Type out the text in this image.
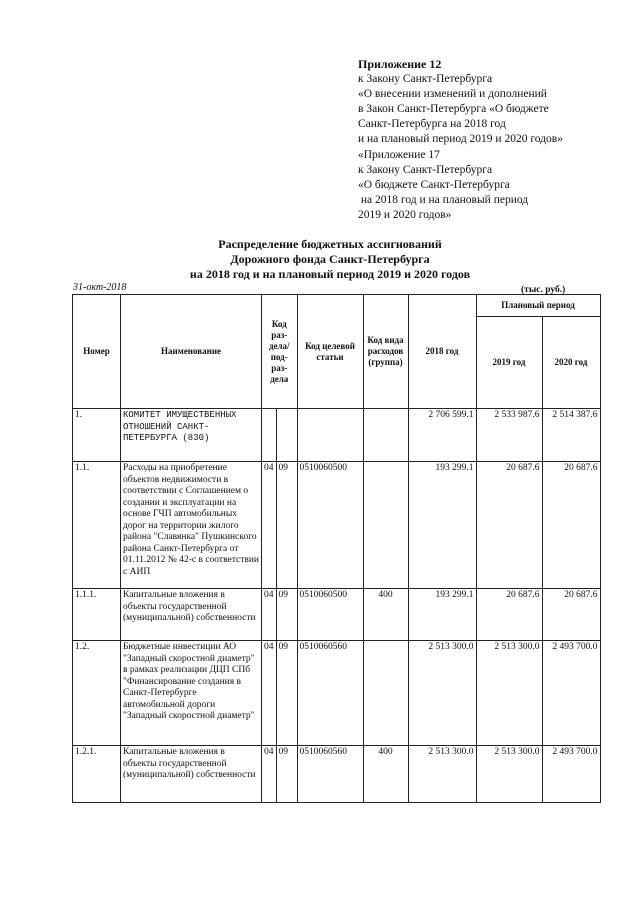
Приложение 12
к Закону Санкт-Петербурга
«О внесении изменений и дополнений
в Закон Санкт-Петербурга «О бюджете
Санкт-Петербурга на 2018 год
и на плановый период 2019 и 2020 годов»
«Приложение 17
к Закону Санкт-Петербурга
«О бюджете Санкт-Петербурга
на 2018 год и на плановый период
2019 и 2020 годов»
Распределение бюджетных ассигнований
Дорожного фонда Санкт-Петербурга
на 2018 год и на плановый период 2019 и 2020 годов
31-окт-2018	(тыс. руб.)
Номер	Наименование	Код раз-дела/ под-раз-дела		Код целевой статьи	Код вида расходов (группа)	2018 год	Плановый период	
							2019 год	2020 год
1.	КОМИТЕТ ИМУЩЕСТВЕННЫХ ОТНОШЕНИЙ САНКТ-ПЕТЕРБУРГА (830)					2 706 599.1	2 533 987.6	2 514 387.6
1.1.	Расходы на приобретение объектов недвижимости в соответствии с Соглашением о создании и эксплуатации на основе ГЧП автомобильных дорог на территории жилого района "Славянка" Пушкинского района Санкт-Петербурга от 01.11.2012 № 42-с в соответствии с АИП	04	09	0510060500		193 299.1	20 687.6	20 687.6
1.1.1.	Капитальные вложения в объекты государственной (муниципальной) собственности	04	09	0510060500	400	193 299.1	20 687.6	20 687.6
1.2.	Бюджетные инвестиции АО "Западный скоростной диаметр" в рамках реализации ДЦП СПб "Финансирование создания в Санкт-Петербурге автомобильной дороги "Западный скоростной диаметр"	04	09	0510060560		2 513 300.0	2 513 300.0	2 493 700.0
1.2.1.	Капитальные вложения в объекты государственной (муниципальной) собственности	04	09	0510060560	400	2 513 300.0	2 513 300.0	2 493 700.0
